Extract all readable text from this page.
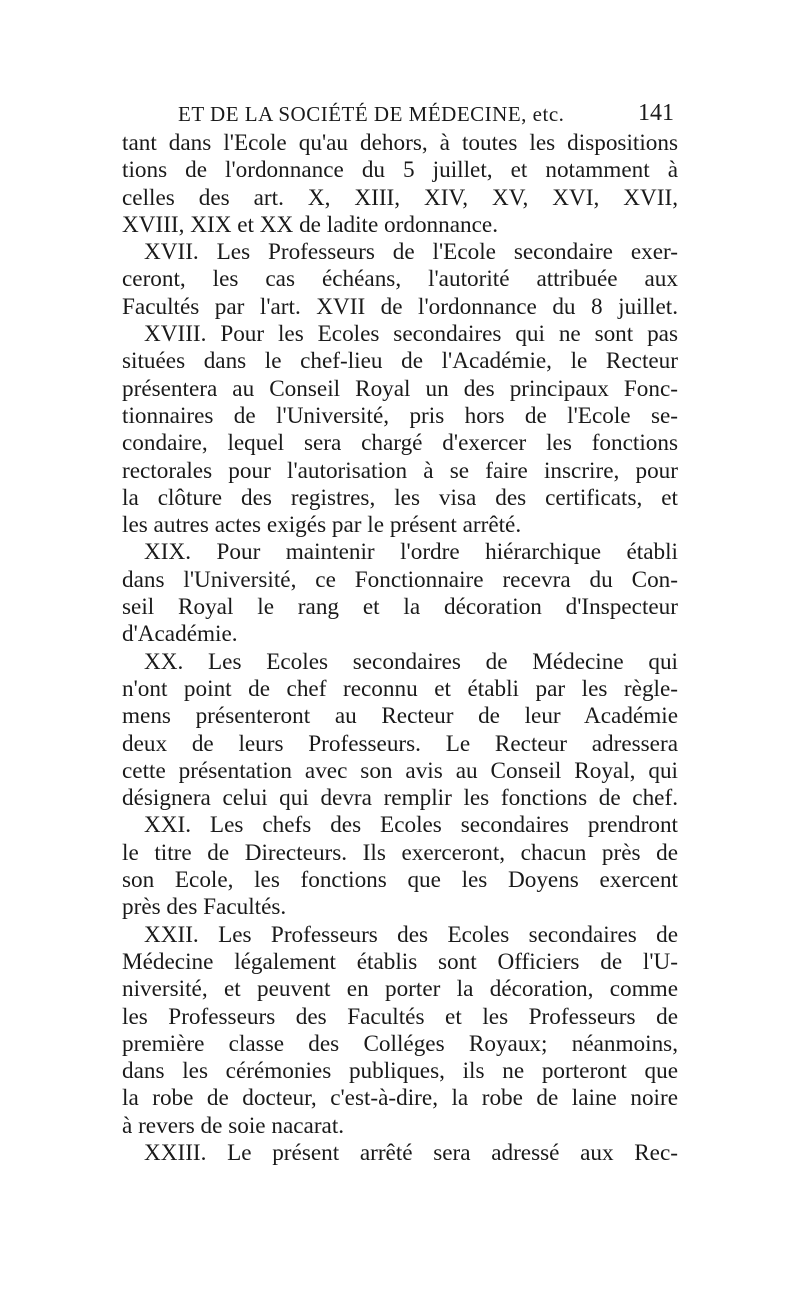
ET DE LA SOCIÉTÉ DE MÉDECINE, etc.	141
tant dans l'Ecole qu'au dehors, à toutes les dispositions
tions de l'ordonnance du 5 juillet, et notamment à
celles des art. X, XIII, XIV, XV, XVI, XVII,
XVIII, XIX et XX de ladite ordonnance.
XVII. Les Professeurs de l'Ecole secondaire exer-
ceront, les cas échéans, l'autorité attribuée aux
Facultés par l'art. XVII de l'ordonnance du 8 juillet.
XVIII. Pour les Ecoles secondaires qui ne sont pas
situées dans le chef-lieu de l'Académie, le Recteur
présentera au Conseil Royal un des principaux Fonc-
tionnaires de l'Université, pris hors de l'Ecole se-
condaire, lequel sera chargé d'exercer les fonctions
rectorales pour l'autorisation à se faire inscrire, pour
la clôture des registres, les visa des certificats, et
les autres actes exigés par le présent arrêté.
XIX. Pour maintenir l'ordre hiérarchique établi
dans l'Université, ce Fonctionnaire recevra du Con-
seil Royal le rang et la décoration d'Inspecteur
d'Académie.
XX. Les Ecoles secondaires de Médecine qui
n'ont point de chef reconnu et établi par les règle-
mens présenteront au Recteur de leur Académie
deux de leurs Professeurs. Le Recteur adressera
cette présentation avec son avis au Conseil Royal, qui
désignera celui qui devra remplir les fonctions de chef.
XXI. Les chefs des Ecoles secondaires prendront
le titre de Directeurs. Ils exerceront, chacun près de
son Ecole, les fonctions que les Doyens exercent
près des Facultés.
XXII. Les Professeurs des Ecoles secondaires de
Médecine légalement établis sont Officiers de l'U-
niversité, et peuvent en porter la décoration, comme
les Professeurs des Facultés et les Professeurs de
première classe des Colléges Royaux; néanmoins,
dans les cérémonies publiques, ils ne porteront que
la robe de docteur, c'est-à-dire, la robe de laine noire
à revers de soie nacarat.
XXIII. Le présent arrêté sera adressé aux Rec-
